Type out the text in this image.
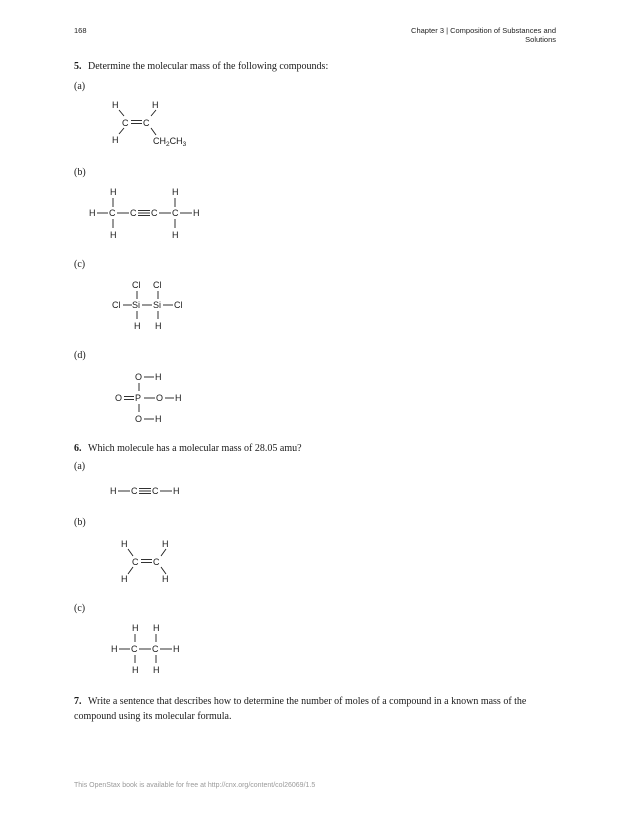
168	Chapter 3 | Composition of Substances and Solutions
5. Determine the molecular mass of the following compounds:
(a)
H	H
C C
H	$CH_2CH_3$
(b)
H	H
H C C C C H
H	H
(c)
Cl Cl
Cl Si Si Cl
H H
(d)
O H
O P O H
O H
6. Which molecule has a molecular mass of 28.05 amu?
(a)
H C C H
(b)
H	H
C C
H	H
(c)
H H
H C C H
H H
7. Write a sentence that describes how to determine the number of moles of a compound in a known mass of the
compound using its molecular formula.
This OpenStax book is available for free at http://cnx.org/content/col26069/1.5
